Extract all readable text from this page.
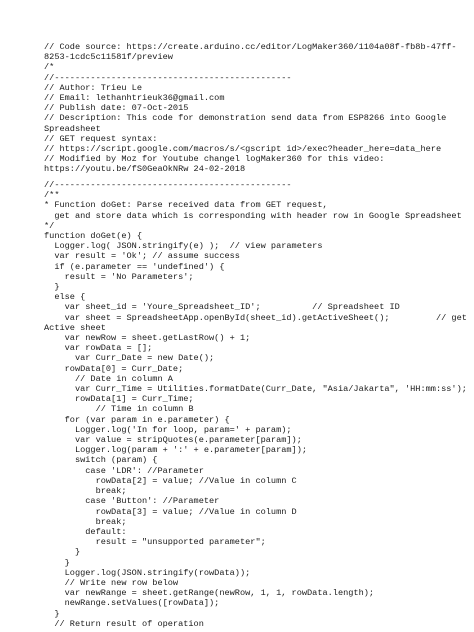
// Code source: https://create.arduino.cc/editor/LogMaker360/1104a08f-fb8b-47ff-
8253-1cdc5c11581f/preview
/*
//----------------------------------------------
// Author: Trieu Le
// Email: lethanhtrieuk36@gmail.com
// Publish date: 07-Oct-2015
// Description: This code for demonstration send data from ESP8266 into Google
Spreadsheet
// GET request syntax:
// https://script.google.com/macros/s/<gscript id>/exec?header_here=data_here
// Modified by Moz for Youtube changel logMaker360 for this video:
https://youtu.be/fS0GeaOkNRw 24-02-2018
//----------------------------------------------
/**
* Function doGet: Parse received data from GET request,
get and store data which is corresponding with header row in Google Spreadsheet
*/
function doGet(e) {
Logger.log( JSON.stringify(e) );  // view parameters
var result = 'Ok'; // assume success
if (e.parameter == 'undefined') {
result = 'No Parameters';
}
else {
var sheet_id = 'Youre_Spreadsheet_ID';          // Spreadsheet ID
var sheet = SpreadsheetApp.openById(sheet_id).getActiveSheet();         // get
Active sheet
var newRow = sheet.getLastRow() + 1;
var rowData = [];
var Curr_Date = new Date();
rowData[0] = Curr_Date;
// Date in column A
var Curr_Time = Utilities.formatDate(Curr_Date, "Asia/Jakarta", 'HH:mm:ss');
rowData[1] = Curr_Time;
// Time in column B
for (var param in e.parameter) {
Logger.log('In for loop, param=' + param);
var value = stripQuotes(e.parameter[param]);
Logger.log(param + ':' + e.parameter[param]);
switch (param) {
case 'LDR': //Parameter
rowData[2] = value; //Value in column C
break;
case 'Button': //Parameter
rowData[3] = value; //Value in column D
break;
default:
result = "unsupported parameter";
}
}
Logger.log(JSON.stringify(rowData));
// Write new row below
var newRange = sheet.getRange(newRow, 1, 1, rowData.length);
newRange.setValues([rowData]);
}
// Return result of operation
